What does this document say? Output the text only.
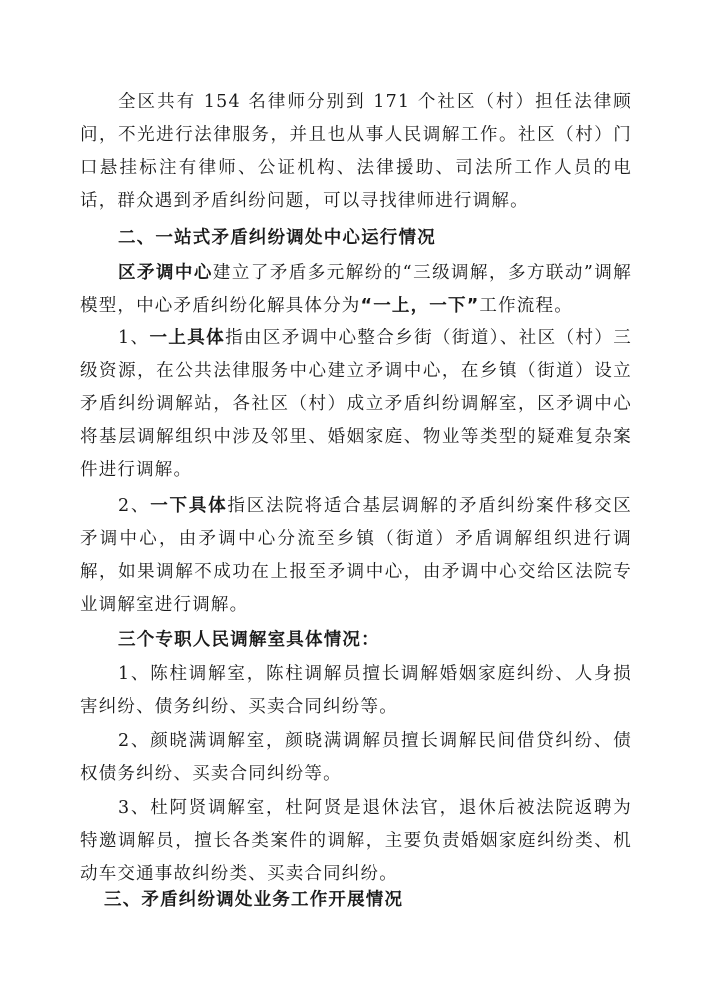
全区共有 154 名律师分别到 171 个社区（村）担任法律顾问，不光进行法律服务，并且也从事人民调解工作。社区（村）门口悬挂标注有律师、公证机构、法律援助、司法所工作人员的电话，群众遇到矛盾纠纷问题，可以寻找律师进行调解。

二、一站式矛盾纠纷调处中心运行情况

区矛调中心建立了矛盾多元解纷的“三级调解，多方联动”调解模型，中心矛盾纠纷化解具体分为“一上，一下”工作流程。

1、一上具体指由区矛调中心整合乡街（街道）、社区（村）三级资源，在公共法律服务中心建立矛调中心，在乡镇（街道）设立矛盾纠纷调解站，各社区（村）成立矛盾纠纷调解室，区矛调中心将基层调解组织中涉及邻里、婚姻家庭、物业等类型的疑难复杂案件进行调解。

2、一下具体指区法院将适合基层调解的矛盾纠纷案件移交区矛调中心，由矛调中心分流至乡镇（街道）矛盾调解组织进行调解，如果调解不成功在上报至矛调中心，由矛调中心交给区法院专业调解室进行调解。

三个专职人民调解室具体情况：

1、陈柱调解室，陈柱调解员擅长调解婚姻家庭纠纷、人身损害纠纷、债务纠纷、买卖合同纠纷等。

2、颜晓满调解室，颜晓满调解员擅长调解民间借贷纠纷、债权债务纠纷、买卖合同纠纷等。

3、杜阿贤调解室，杜阿贤是退休法官，退休后被法院返聘为特邀调解员，擅长各类案件的调解，主要负责婚姻家庭纠纷类、机动车交通事故纠纷类、买卖合同纠纷。

三、矛盾纠纷调处业务工作开展情况
